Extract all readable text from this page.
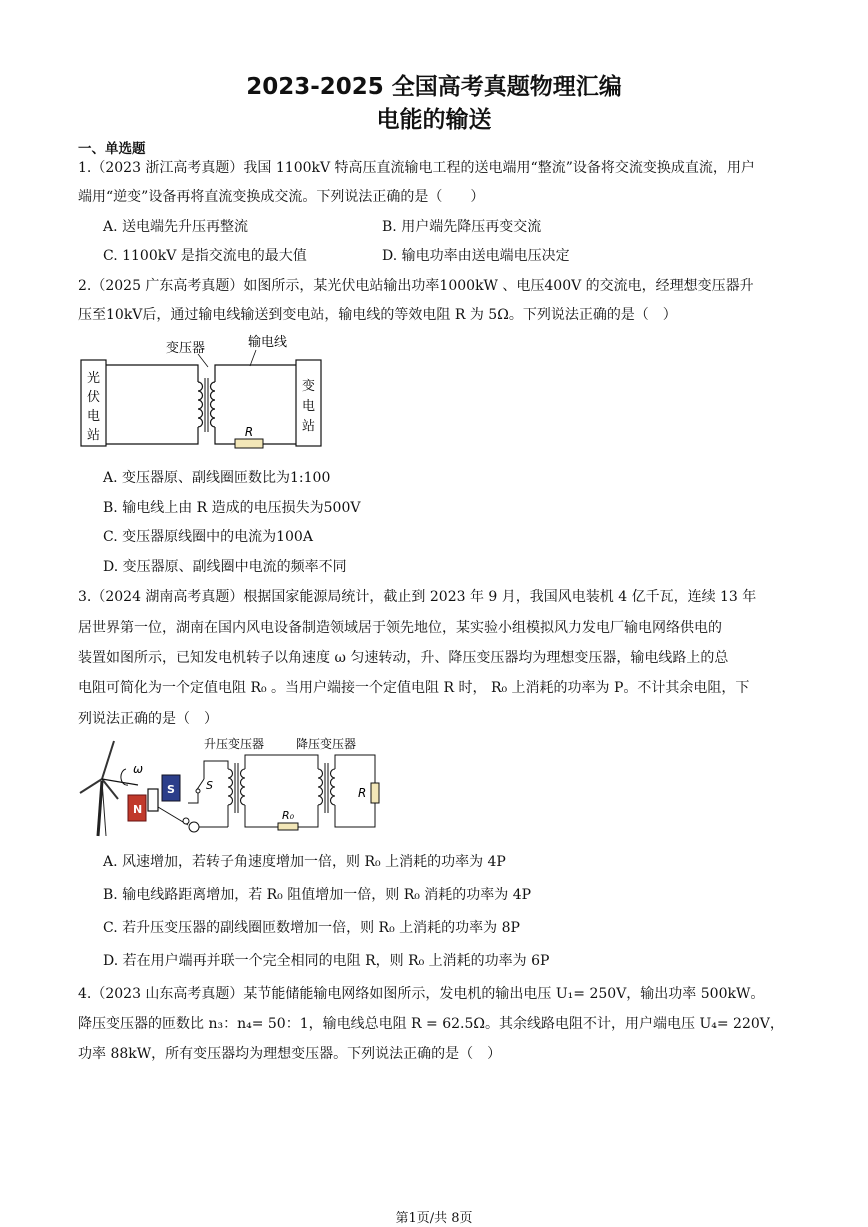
2023-2025 全国高考真题物理汇编
电能的输送
一、单选题
1.（2023 浙江高考真题）我国 1100kV 特高压直流输电工程的送电端用“整流”设备将交流变换成直流，用户
端用“逆变”设备再将直流变换成交流。下列说法正确的是（　　）
A. 送电端先升压再整流	B. 用户端先降压再变交流
C. 1100kV 是指交流电的最大值	D. 输电功率由送电端电压决定
2.（2025 广东高考真题）如图所示，某光伏电站输出功率1000kW 、电压400V 的交流电，经理想变压器升
压至10kV后，通过输电线输送到变电站，输电线的等效电阻 R 为 5Ω。下列说法正确的是（　）
光
伏
电
站
变
电
站
R
变压器	输电线
A. 变压器原、副线圈匝数比为1:100
B. 输电线上由 R 造成的电压损失为500V
C. 变压器原线圈中的电流为100A
D. 变压器原、副线圈中电流的频率不同
3.（2024 湖南高考真题）根据国家能源局统计，截止到 2023 年 9 月，我国风电装机 4 亿千瓦，连续 13 年
居世界第一位，湖南在国内风电设备制造领域居于领先地位，某实验小组模拟风力发电厂输电网络供电的
装置如图所示，已知发电机转子以角速度 ω 匀速转动，升、降压变压器均为理想变压器，输电线路上的总
电阻可简化为一个定值电阻 R₀ 。当用户端接一个定值电阻 R 时， R₀ 上消耗的功率为 P。不计其余电阻，下
列说法正确的是（　）
ω
N
S	S
R₀
R
升压变压器	降压变压器
A. 风速增加，若转子角速度增加一倍，则 R₀ 上消耗的功率为 4P
B. 输电线路距离增加，若 R₀ 阻值增加一倍，则 R₀ 消耗的功率为 4P
C. 若升压变压器的副线圈匝数增加一倍，则 R₀ 上消耗的功率为 8P
D. 若在用户端再并联一个完全相同的电阻 R，则 R₀ 上消耗的功率为 6P
4.（2023 山东高考真题）某节能储能输电网络如图所示，发电机的输出电压 U₁= 250V，输出功率 500kW。
降压变压器的匝数比 n₃：n₄= 50：1，输电线总电阻 R = 62.5Ω。其余线路电阻不计，用户端电压 U₄= 220V，
功率 88kW，所有变压器均为理想变压器。下列说法正确的是（　）
第1页/共 8页
